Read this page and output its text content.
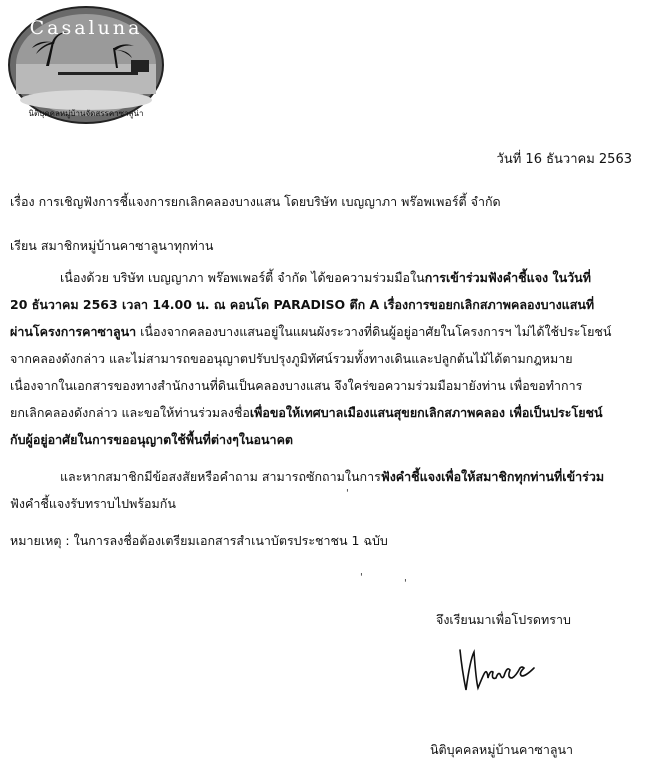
Casaluna
นิติบุคคลหมู่บ้านจัดสรรคาซาลูน่า
วันที่ 16 ธันวาคม 2563
เรื่อง การเชิญฟังการชี้แจงการยกเลิกคลองบางแสน โดยบริษัท เบญญาภา พร๊อพเพอร์ตี้ จำกัด
เรียน สมาชิกหมู่บ้านคาซาลูนาทุกท่าน
เนื่องด้วย บริษัท เบญญาภา พร๊อพเพอร์ตี้ จำกัด ได้ขอความร่วมมือในการเข้าร่วมฟังคำชี้แจง ในวันที่
20 ธันวาคม 2563 เวลา 14.00 น. ณ คอนโด PARADISO ตึก A เรื่องการขอยกเลิกสภาพคลองบางแสนที่
ผ่านโครงการคาซาลูนา เนื่องจากคลองบางแสนอยู่ในแผนผังระวางที่ดินผู้อยู่อาศัยในโครงการฯ ไม่ได้ใช้ประโยชน์
จากคลองดังกล่าว และไม่สามารถขออนุญาตปรับปรุงภูมิทัศน์รวมทั้งทางเดินและปลูกต้นไม้ได้ตามกฎหมาย
เนื่องจากในเอกสารของทางสำนักงานที่ดินเป็นคลองบางแสน จึงใคร่ขอความร่วมมือมายังท่าน เพื่อขอทำการ
ยกเลิกคลองดังกล่าว และขอให้ท่านร่วมลงชื่อเพื่อขอให้เทศบาลเมืองแสนสุขยกเลิกสภาพคลอง เพื่อเป็นประโยชน์
กับผู้อยู่อาศัยในการขออนุญาตใช้พื้นที่ต่างๆในอนาคต
และหากสมาชิกมีข้อสงสัยหรือคำถาม สามารถซักถามในการฟังคำชี้แจงเพื่อให้สมาชิกทุกท่านที่เข้าร่วม
ฟังคำชี้แจงรับทราบไปพร้อมกัน
หมายเหตุ : ในการลงชื่อต้องเตรียมเอกสารสำเนาบัตรประชาชน 1 ฉบับ
จึงเรียนมาเพื่อโปรดทราบ
นิติบุคคลหมู่บ้านคาซาลูนา
'
'
'
